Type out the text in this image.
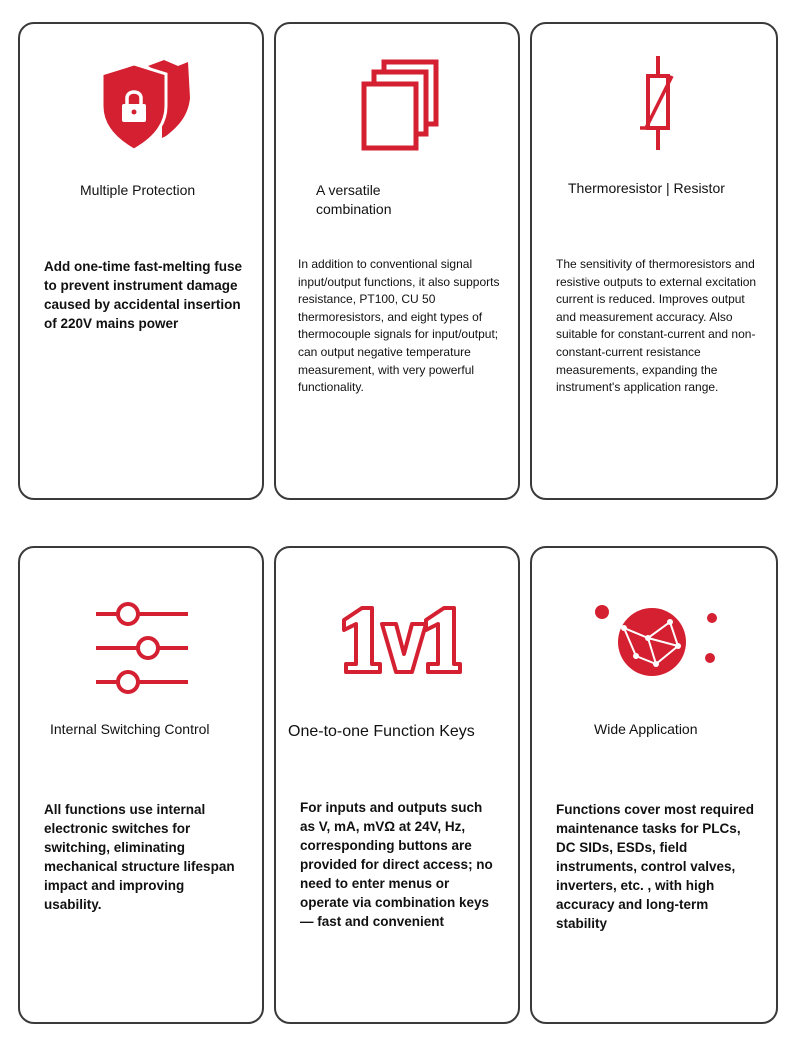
Multiple Protection
Add one-time fast-melting fuse to prevent instrument damage caused by accidental insertion of 220V mains power
A versatile combination
In addition to conventional signal input/output functions, it also supports resistance, PT100, CU 50 thermoresistors, and eight types of thermocouple signals for input/output; can output negative temperature measurement, with very powerful functionality.
Thermoresistor | Resistor
The sensitivity of thermoresistors and resistive outputs to external excitation current is reduced. Improves output and measurement accuracy. Also suitable for constant-current and non-constant-current resistance measurements, expanding the instrument's application range.
Internal Switching Control
All functions use internal electronic switches for switching, eliminating mechanical structure lifespan impact and improving usability.
One-to-one Function Keys
For inputs and outputs such as V, mA, mVΩ at 24V, Hz, corresponding buttons are provided for direct access; no need to enter menus or operate via combination keys — fast and convenient
Wide Application
Functions cover most required maintenance tasks for PLCs, DC SIDs, ESDs, field instruments, control valves, inverters, etc. , with high accuracy and long-term stability
